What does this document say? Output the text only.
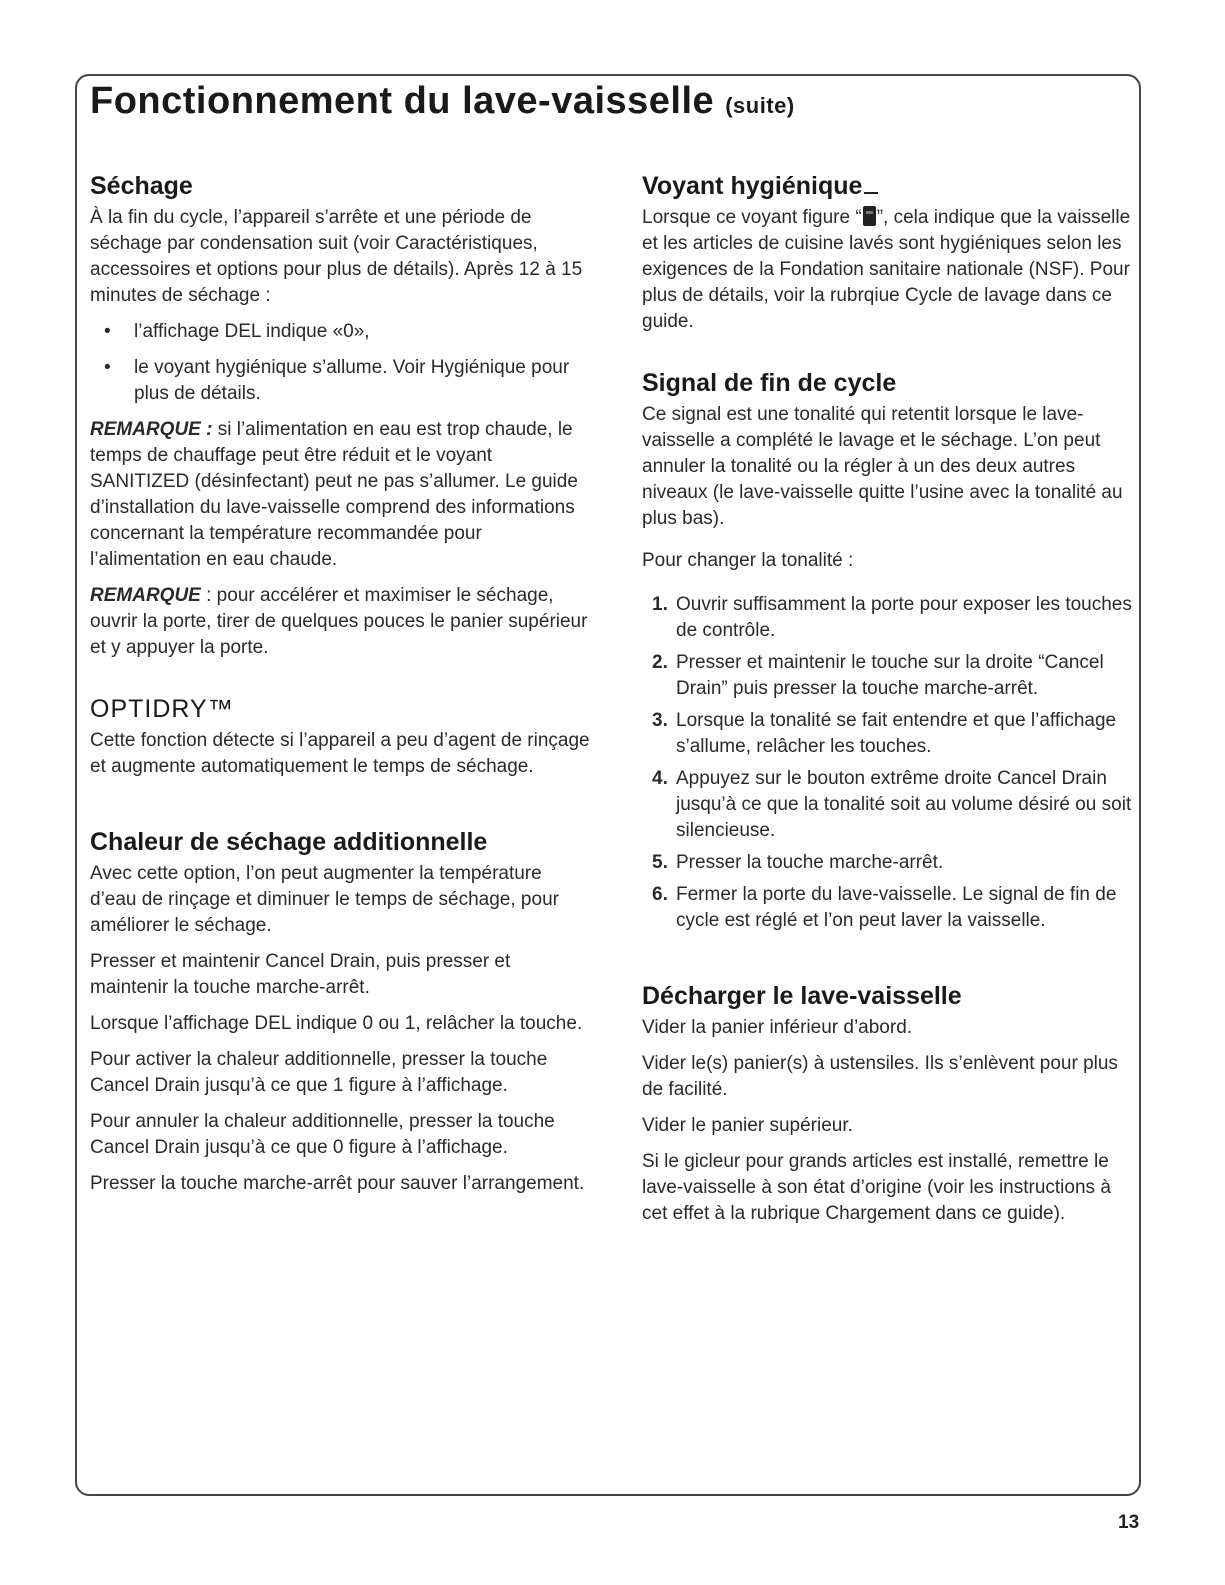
Fonctionnement du lave-vaisselle (suite)
Séchage

À la fin du cycle, l’appareil s’arrête et une période de séchage par condensation suit (voir Caractéristiques, accessoires et options pour plus de détails). Après 12 à 15 minutes de séchage :

• l’affichage DEL indique «0»,
• le voyant hygiénique s’allume. Voir Hygiénique pour plus de détails.

REMARQUE : si l’alimentation en eau est trop chaude, le temps de chauffage peut être réduit et le voyant SANITIZED (désinfectant) peut ne pas s’allumer. Le guide d’installation du lave-vaisselle comprend des informations concernant la température recommandée pour l’alimentation en eau chaude.

REMARQUE : pour accélérer et maximiser le séchage, ouvrir la porte, tirer de quelques pouces le panier supérieur et y appuyer la porte.

OPTIDRY™

Cette fonction détecte si l’appareil a peu d’agent de rinçage et augmente automatiquement le temps de séchage.

Chaleur de séchage additionnelle

Avec cette option, l’on peut augmenter la température d’eau de rinçage et diminuer le temps de séchage, pour améliorer le séchage.

Presser et maintenir Cancel Drain, puis presser et maintenir la touche marche-arrêt.

Lorsque l’affichage DEL indique 0 ou 1, relâcher la touche.

Pour activer la chaleur additionnelle, presser la touche Cancel Drain jusqu’à ce que 1 figure à l’affichage.

Pour annuler la chaleur additionnelle, presser la touche Cancel Drain jusqu’à ce que 0 figure à l’affichage.

Presser la touche marche-arrêt pour sauver l’arrangement.

Voyant hygiénique

Lorsque ce voyant figure “ ”, cela indique que la vaisselle et les articles de cuisine lavés sont hygiéniques selon les exigences de la Fondation sanitaire nationale (NSF). Pour plus de détails, voir la rubrqiue Cycle de lavage dans ce guide.

Signal de fin de cycle

Ce signal est une tonalité qui retentit lorsque le lave-vaisselle a complété le lavage et le séchage. L’on peut annuler la tonalité ou la régler à un des deux autres niveaux (le lave-vaisselle quitte l’usine avec la tonalité au plus bas).

Pour changer la tonalité :

1. Ouvrir suffisamment la porte pour exposer les touches de contrôle.
2. Presser et maintenir le touche sur la droite “Cancel Drain” puis presser la touche marche-arrêt.
3. Lorsque la tonalité se fait entendre et que l’affichage s’allume, relâcher les touches.
4. Appuyez sur le bouton extrême droite Cancel Drain jusqu’à ce que la tonalité soit au volume désiré ou soit silencieuse.
5. Presser la touche marche-arrêt.
6. Fermer la porte du lave-vaisselle. Le signal de fin de cycle est réglé et l’on peut laver la vaisselle.
Décharger le lave-vaisselle

Vider la panier inférieur d’abord.

Vider le(s) panier(s) à ustensiles. Ils s’enlèvent pour plus de facilité.

Vider le panier supérieur.

Si le gicleur pour grands articles est installé, remettre le lave-vaisselle à son état d’origine (voir les instructions à cet effet à la rubrique Chargement dans ce guide).

13
